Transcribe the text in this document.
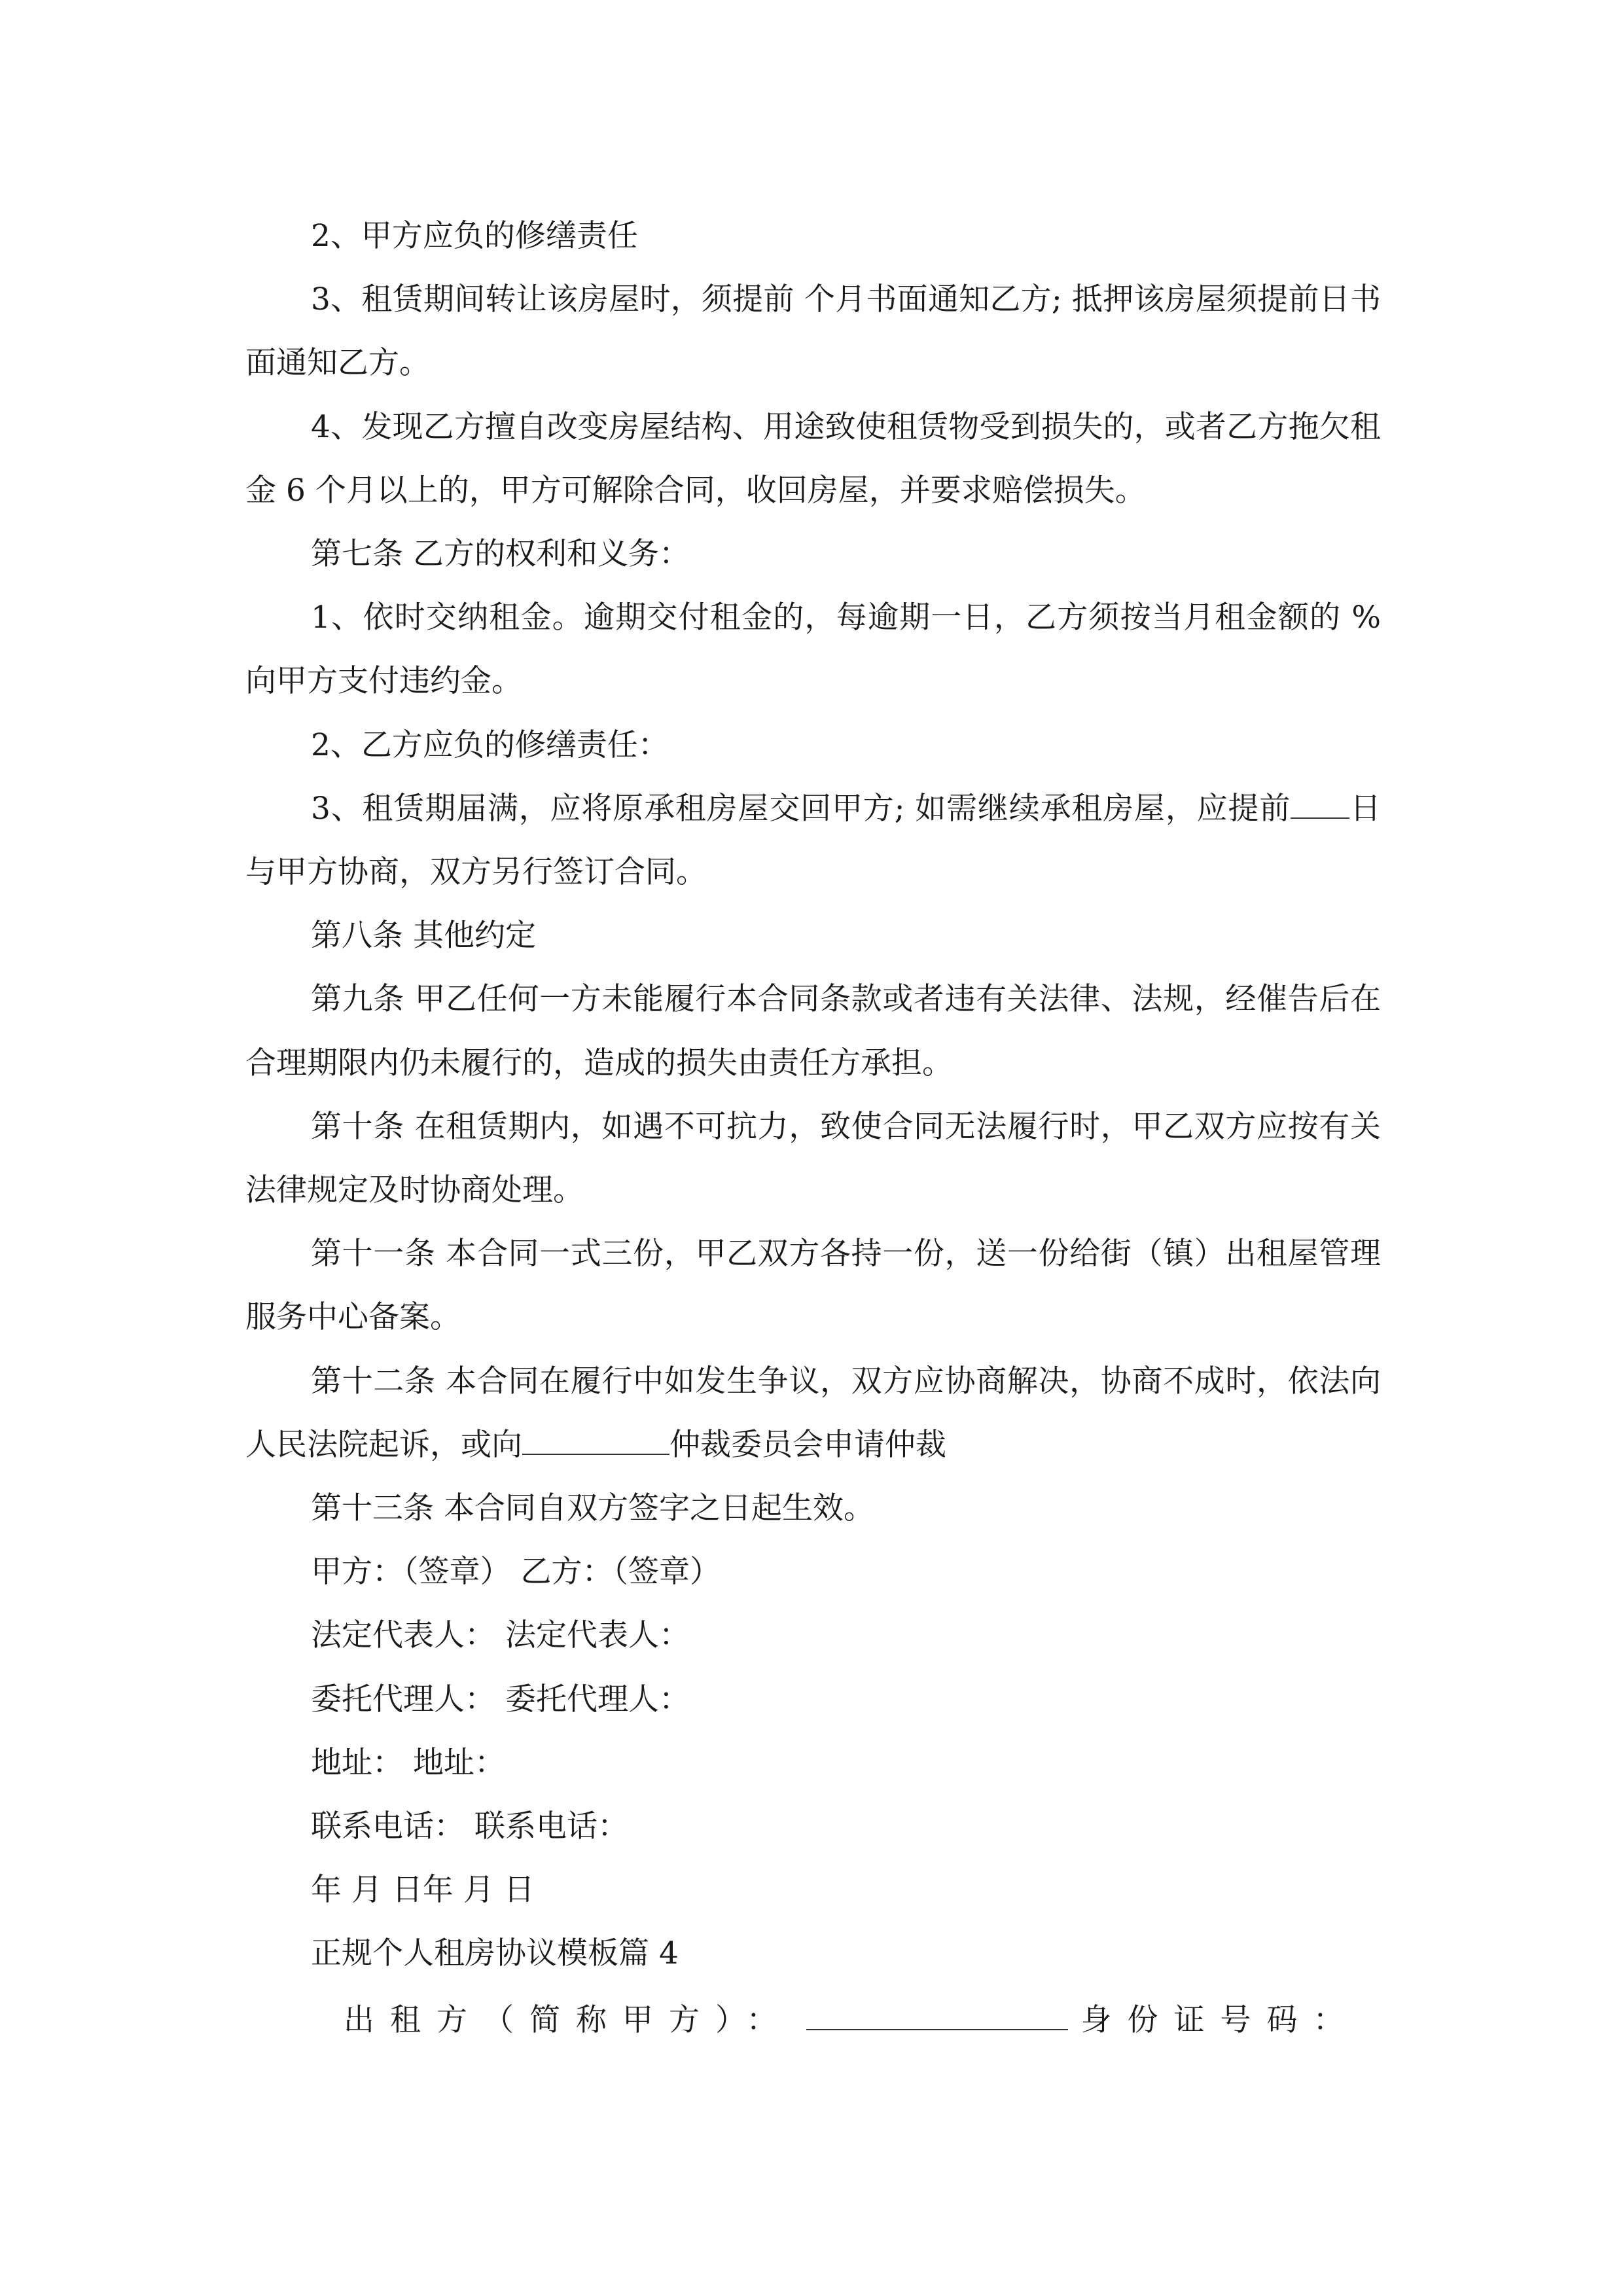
2、甲方应负的修缮责任

3、租赁期间转让该房屋时，须提前 个月书面通知乙方; 抵押该房屋须提前日书面通知乙方。

4、发现乙方擅自改变房屋结构、用途致使租赁物受到损失的，或者乙方拖欠租金 6 个月以上的，甲方可解除合同，收回房屋，并要求赔偿损失。

第七条 乙方的权利和义务：

1、依时交纳租金。逾期交付租金的，每逾期一日，乙方须按当月租金额的 %向甲方支付违约金。

2、乙方应负的修缮责任：

3、租赁期届满，应将原承租房屋交回甲方; 如需继续承租房屋，应提前 日与甲方协商，双方另行签订合同。

第八条 其他约定

第九条 甲乙任何一方未能履行本合同条款或者违有关法律、法规，经催告后在合理期限内仍未履行的，造成的损失由责任方承担。

第十条 在租赁期内，如遇不可抗力，致使合同无法履行时，甲乙双方应按有关法律规定及时协商处理。

第十一条 本合同一式三份，甲乙双方各持一份，送一份给街（镇）出租屋管理服务中心备案。

第十二条 本合同在履行中如发生争议，双方应协商解决，协商不成时，依法向人民法院起诉，或向	仲裁委员会申请仲裁

第十三条 本合同自双方签字之日起生效。

甲方：（签章） 乙方：（签章）

法定代表人： 法定代表人：

委托代理人： 委托代理人：

地址： 地址：

联系电话： 联系电话：

年 月 日年 月 日

正规个人租房协议模板篇 4

出租方（简称甲方）：	身份证号码：
